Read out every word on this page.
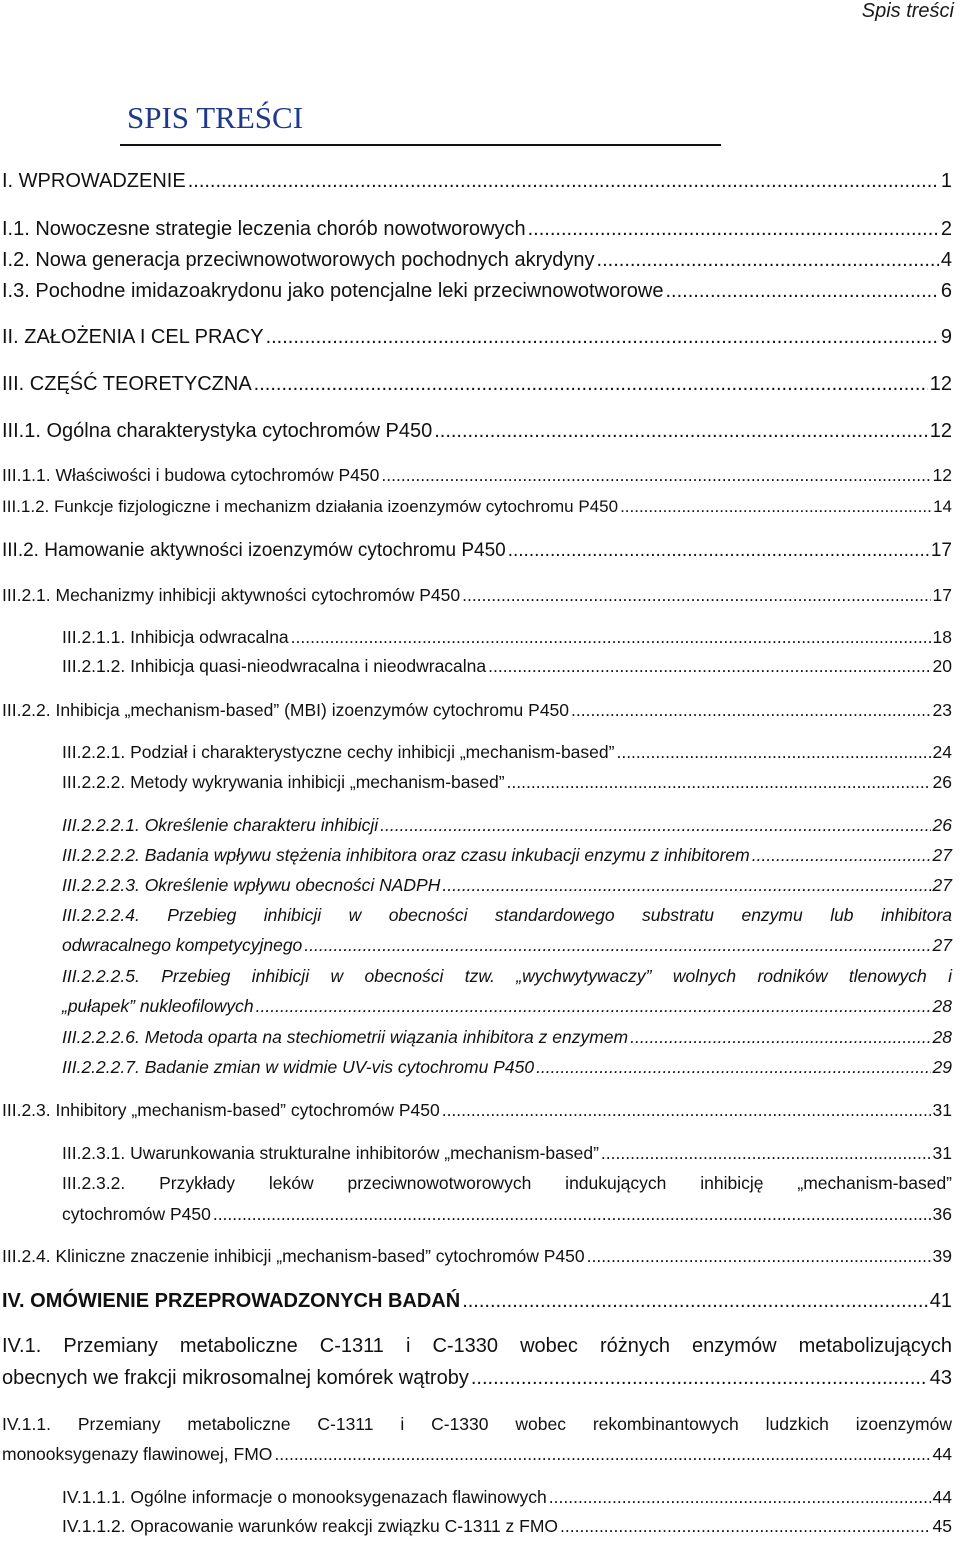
Spis treści
SPIS TREŚCI
I. WPROWADZENIE .....	1
I.1. Nowoczesne strategie leczenia chorób nowotworowych .....	2
I.2. Nowa generacja przeciwnowotworowych pochodnych akrydyny .....	4
I.3. Pochodne imidazoakrydonu jako potencjalne leki przeciwnowotworowe .....	6
II. ZAŁOŻENIA I CEL PRACY .....	9
III. CZĘŚĆ TEORETYCZNA .....	12
III.1. Ogólna charakterystyka cytochromów P450 .....	12
III.1.1. Właściwości i budowa cytochromów P450 .....	12
III.1.2. Funkcje fizjologiczne i mechanizm działania izoenzymów cytochromu P450 .....	14
III.2. Hamowanie aktywności izoenzymów cytochromu P450 .....	17
III.2.1. Mechanizmy inhibicji aktywności cytochromów P450 .....	17
III.2.1.1. Inhibicja odwracalna .....	18
III.2.1.2. Inhibicja quasi-nieodwracalna i nieodwracalna .....	20
III.2.2. Inhibicja „mechanism-based” (MBI) izoenzymów cytochromu P450 .....	23
III.2.2.1. Podział i charakterystyczne cechy inhibicji „mechanism-based” .....	24
III.2.2.2. Metody wykrywania inhibicji „mechanism-based” .....	26
III.2.2.2.1. Określenie charakteru inhibicji .....	26
III.2.2.2.2. Badania wpływu stężenia inhibitora oraz czasu inkubacji enzymu z inhibitorem .....	27
III.2.2.2.3. Określenie wpływu obecności NADPH .....	27
III.2.2.2.4. Przebieg inhibicji w obecności standardowego substratu enzymu lub inhibitora
odwracalnego kompetycyjnego .....	27
III.2.2.2.5. Przebieg inhibicji w obecności tzw. „wychwytywaczy” wolnych rodników tlenowych i
„pułapek” nukleofilowych .....	28
III.2.2.2.6. Metoda oparta na stechiometrii wiązania inhibitora z enzymem .....	28
III.2.2.2.7. Badanie zmian w widmie UV-vis cytochromu P450 .....	29
III.2.3. Inhibitory „mechanism-based” cytochromów P450 .....	31
III.2.3.1. Uwarunkowania strukturalne inhibitorów „mechanism-based” .....	31
III.2.3.2. Przykłady leków przeciwnowotworowych indukujących inhibicję „mechanism-based”
cytochromów P450 .....	36
III.2.4. Kliniczne znaczenie inhibicji „mechanism-based” cytochromów P450 .....	39
IV. OMÓWIENIE PRZEPROWADZONYCH BADAŃ .....	41
IV.1. Przemiany metaboliczne C-1311 i C-1330 wobec różnych enzymów metabolizujących
obecnych we frakcji mikrosomalnej komórek wątroby .....	43
IV.1.1. Przemiany metaboliczne C-1311 i C-1330 wobec rekombinantowych ludzkich izoenzymów
monooksygenazy flawinowej, FMO .....	44
IV.1.1.1. Ogólne informacje o monooksygenazach flawinowych .....	44
IV.1.1.2. Opracowanie warunków reakcji związku C-1311 z FMO .....	45
